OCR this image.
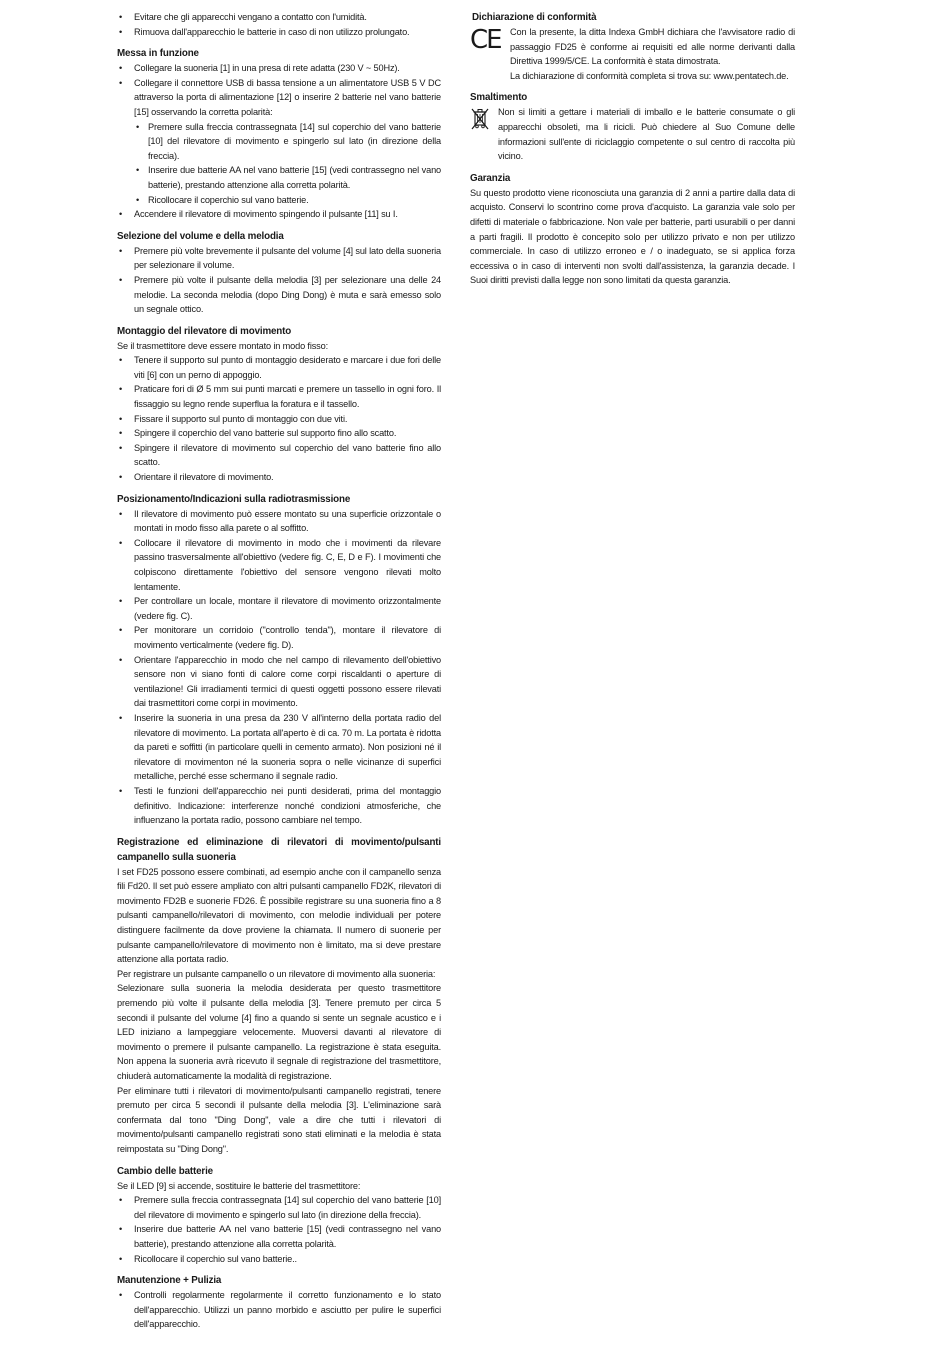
• Evitare che gli apparecchi vengano a contatto con l'umidità.
• Rimuova dall'apparecchio le batterie in caso di non utilizzo prolungato.
Messa in funzione
• Collegare la suoneria [1] in una presa di rete adatta (230 V ~ 50Hz).
• Collegare il connettore USB di bassa tensione a un alimentatore USB 5 V DC attraverso la porta di alimentazione [12] o inserire 2 batterie nel vano batterie [15] osservando la corretta polarità:
• Premere sulla freccia contrassegnata [14] sul coperchio del vano batterie [10] del rilevatore di movimento e spingerlo sul lato (in direzione della freccia).
• Inserire due batterie AA nel vano batterie [15] (vedi contrassegno nel vano batterie), prestando attenzione alla corretta polarità.
• Ricollocare il coperchio sul vano batterie.
• Accendere il rilevatore di movimento spingendo il pulsante [11] su I.
Selezione del volume e della melodia
• Premere più volte brevemente il pulsante del volume [4] sul lato della suoneria per selezionare il volume.
• Premere più volte il pulsante della melodia [3] per selezionare una delle 24 melodie. La seconda melodia (dopo Ding Dong) è muta e sarà emesso solo un segnale ottico.
Montaggio del rilevatore di movimento

Se il trasmettitore deve essere montato in modo fisso:

• Tenere il supporto sul punto di montaggio desiderato e marcare i due fori delle viti [6] con un perno di appoggio.
• Praticare fori di Ø 5 mm sui punti marcati e premere un tassello in ogni foro. Il fissaggio su legno rende superflua la foratura e il tassello.
• Fissare il supporto sul punto di montaggio con due viti.
• Spingere il coperchio del vano batterie sul supporto fino allo scatto.
• Spingere il rilevatore di movimento sul coperchio del vano batterie fino allo scatto.
• Orientare il rilevatore di movimento.
Posizionamento/Indicazioni sulla radiotrasmissione
• Il rilevatore di movimento può essere montato su una superficie orizzontale o montati in modo fisso alla parete o al soffitto.
• Collocare il rilevatore di movimento in modo che i movimenti da rilevare passino trasversalmente all'obiettivo (vedere fig. C, E, D e F). I movimenti che colpiscono direttamente l'obiettivo del sensore vengono rilevati molto lentamente.
• Per controllare un locale, montare il rilevatore di movimento orizzontalmente (vedere fig. C).
• Per monitorare un corridoio ("controllo tenda"), montare il rilevatore di movimento verticalmente (vedere fig. D).
• Orientare l'apparecchio in modo che nel campo di rilevamento dell'obiettivo sensore non vi siano fonti di calore come corpi riscaldanti o aperture di ventilazione! Gli irradiamenti termici di questi oggetti possono essere rilevati dai trasmettitori come corpi in movimento.
• Inserire la suoneria in una presa da 230 V all'interno della portata radio del rilevatore di movimento. La portata all'aperto è di ca. 70 m. La portata è ridotta da pareti e soffitti (in particolare quelli in cemento armato). Non posizioni né il rilevatore di movimenton né la suoneria sopra o nelle vicinanze di superfici metalliche, perché esse schermano il segnale radio.
• Testi le funzioni dell'apparecchio nei punti desiderati, prima del montaggio definitivo. Indicazione: interferenze nonché condizioni atmosferiche, che influenzano la portata radio, possono cambiare nel tempo.
Registrazione ed eliminazione di rilevatori di movimento/pulsanti campanello sulla suoneria

I set FD25 possono essere combinati, ad esempio anche con il campanello senza fili Fd20. Il set può essere ampliato con altri pulsanti campanello FD2K, rilevatori di movimento FD2B e suonerie FD26. È possibile registrare su una suoneria fino a 8 pulsanti campanello/rilevatori di movimento, con melodie individuali per potere distinguere facilmente da dove proviene la chiamata. Il numero di suonerie per pulsante campanello/rilevatore di movimento non è limitato, ma si deve prestare attenzione alla portata radio.

Per registrare un pulsante campanello o un rilevatore di movimento alla suoneria:

Selezionare sulla suoneria la melodia desiderata per questo trasmettitore premendo più volte il pulsante della melodia [3]. Tenere premuto per circa 5 secondi il pulsante del volume [4] fino a quando si sente un segnale acustico e i LED iniziano a lampeggiare velocemente. Muoversi davanti al rilevatore di movimento o premere il pulsante campanello. La registrazione è stata eseguita. Non appena la suoneria avrà ricevuto il segnale di registrazione del trasmettitore, chiuderà automaticamente la modalità di registrazione.

Per eliminare tutti i rilevatori di movimento/pulsanti campanello registrati, tenere premuto per circa 5 secondi il pulsante della melodia [3]. L'eliminazione sarà confermata dal tono "Ding Dong", vale a dire che tutti i rilevatori di movimento/pulsanti campanello registrati sono stati eliminati e la melodia è stata reimpostata su "Ding Dong".

Cambio delle batterie

Se il LED [9] si accende, sostituire le batterie del trasmettitore:

• Premere sulla freccia contrassegnata [14] sul coperchio del vano batterie [10] del rilevatore di movimento e spingerlo sul lato (in direzione della freccia).
• Inserire due batterie AA nel vano batterie [15] (vedi contrassegno nel vano batterie), prestando attenzione alla corretta polarità.
• Ricollocare il coperchio sul vano batterie..
Manutenzione + Pulizia
• Controlli regolarmente regolarmente il corretto funzionamento e lo stato dell'apparecchio. Utilizzi un panno morbido e asciutto per pulire le superfici dell'apparecchio.
Dichiarazione di conformità
CE Con la presente, la ditta Indexa GmbH dichiara che l'avvisatore radio di passaggio FD25 è conforme ai requisiti ed alle norme derivanti dalla Direttiva 1999/5/CE. La conformità è stata dimostrata.

La dichiarazione di conformità completa si trova su: www.pentatech.de.

Smaltimento

Non si limiti a gettare i materiali di imballo e le batterie consumate o gli apparecchi obsoleti, ma li ricicli. Può chiedere al Suo Comune delle informazioni sull'ente di riciclaggio competente o sul centro di raccolta più vicino.

Garanzia

Su questo prodotto viene riconosciuta una garanzia di 2 anni a partire dalla data di acquisto. Conservi lo scontrino come prova d'acquisto. La garanzia vale solo per difetti di materiale o fabbricazione. Non vale per batterie, parti usurabili o per danni a parti fragili. Il prodotto è concepito solo per utilizzo privato e non per utilizzo commerciale. In caso di utilizzo erroneo e / o inadeguato, se si applica forza eccessiva o in caso di interventi non svolti dall'assistenza, la garanzia decade. I Suoi diritti previsti dalla legge non sono limitati da questa garanzia.
